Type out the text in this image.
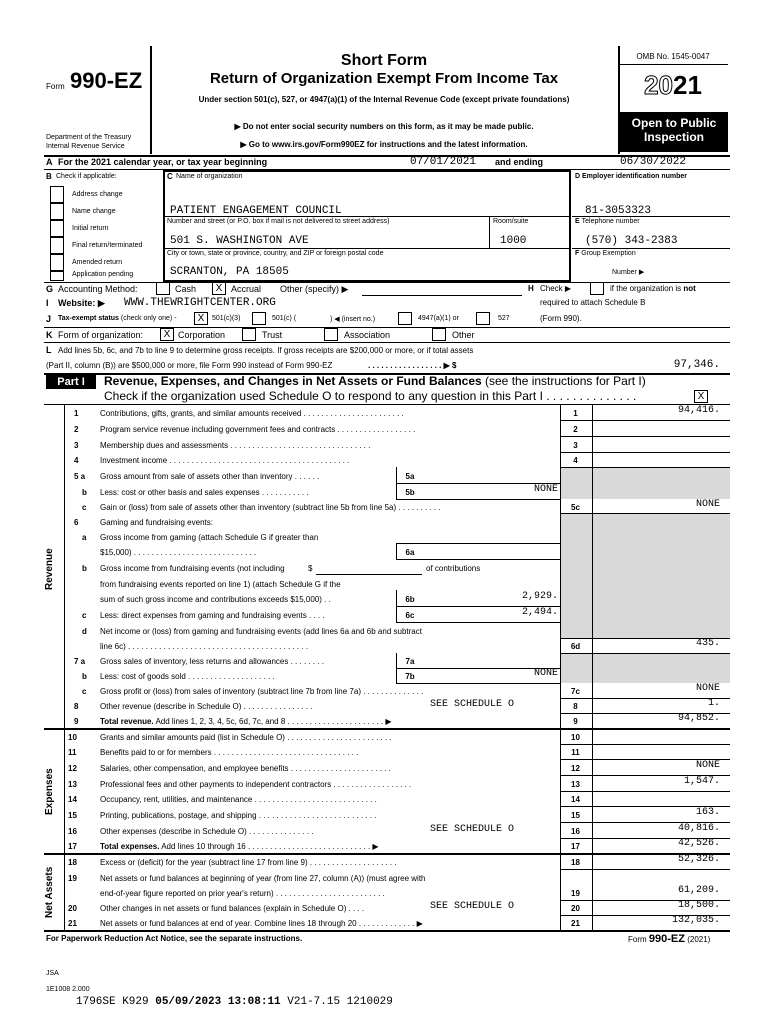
Form 990-EZ
Department of the Treasury
Internal Revenue Service
Short Form
Return of Organization Exempt From Income Tax
Under section 501(c), 527, or 4947(a)(1) of the Internal Revenue Code (except private foundations)
▶ Do not enter social security numbers on this form, as it may be made public.
▶ Go to www.irs.gov/Form990EZ for instructions and the latest information.
OMB No. 1545-0047
2021
Open to Public
Inspection
A For the 2021 calendar year, or tax year beginning	07/01/2021 and ending	06/30/2022
B Check if applicable:
Address change
Name change
Initial return
Final return/terminated
Amended return
Application pending
C Name of organization
PATIENT ENGAGEMENT COUNCIL
Number and street (or P.O. box if mail is not delivered to street address)	Room/suite
501 S. WASHINGTON AVE	1000
City or town, state or province, country, and ZIP or foreign postal code
SCRANTON, PA 18505
D Employer identification number
81-3053323
E Telephone number
(570) 343-2383
F Group Exemption
Number ▶
G Accounting Method:	Cash	X Accrual Other (specify) ▶	H Check ▶	if the organization is not
required to attach Schedule B
(Form 990).
I Website: ▶ WWW.THEWRIGHTCENTER.ORG
J Tax-exempt status (check only one) -	X	501(c)(3)	501(c) (	) ◀ (insert no.)	4947(a)(1) or	527
K Form of organization:	X Corporation	Trust	Association	Other
L Add lines 5b, 6c, and 7b to line 9 to determine gross receipts. If gross receipts are $200,000 or more, or if total assets
(Part II, column (B)) are $500,000 or more, file Form 990 instead of Form 990-EZ	. . . . . . . . . . . . . . . . . ▶ $	97,346.
Part I	Revenue, Expenses, and Changes in Net Assets or Fund Balances (see the instructions for Part I)
Check if the organization used Schedule O to respond to any question in this Part I . . . . . . . . . . . . . .	X
Revenue
Expenses
Net Assets
1	Contributions, gifts, grants, and similar amounts received . . . . . . . . . . . . . . . . . . . . . . .	1	94,416.
2	Program service revenue including government fees and contracts . . . . . . . . . . . . . . . . . .	2
3	Membership dues and assessments . . . . . . . . . . . . . . . . . . . . . . . . . . . . . . . .	3
4	Investment income . . . . . . . . . . . . . . . . . . . . . . . . . . . . . . . . . . . . . . . . .	4
5 a Gross amount from sale of assets other than inventory . . . . . .	5a
b Less: cost or other basis and sales expenses . . . . . . . . . . .	5b	NONE
c Gain or (loss) from sale of assets other than inventory (subtract line 5b from line 5a) . . . . . . . . . .	5c	NONE
6	Gaming and fundraising events:
a Gross income from gaming (attach Schedule G if greater than
$15,000) . . . . . . . . . . . . . . . . . . . . . . . . . . . .	6a
b Gross income from fundraising events (not including	$	of contributions
from fundraising events reported on line 1) (attach Schedule G if the
sum of such gross income and contributions exceeds $15,000) . .	6b	2,929.
c Less: direct expenses from gaming and fundraising events . . . .	6c	2,494.
d Net income or (loss) from gaming and fundraising events (add lines 6a and 6b and subtract
line 6c) . . . . . . . . . . . . . . . . . . . . . . . . . . . . . . . . . . . . . . . . .	6d	435.
7 a Gross sales of inventory, less returns and allowances . . . . . . . .	7a
b Less: cost of goods sold . . . . . . . . . . . . . . . . . . . .	7b	NONE
c Gross profit or (loss) from sales of inventory (subtract line 7b from line 7a) . . . . . . . . . . . . . .	7c	NONE
8	Other revenue (describe in Schedule O) . . . . . . . . . . . . . . . .	SEE SCHEDULE O	8	1.
9	Total revenue. Add lines 1, 2, 3, 4, 5c, 6d, 7c, and 8 . . . . . . . . . . . . . . . . . . . . . . ▶	9	94,852.
10	Grants and similar amounts paid (list in Schedule O) . . . . . . . . . . . . . . . . . . . . . . . .	10
11	Benefits paid to or for members . . . . . . . . . . . . . . . . . . . . . . . . . . . . . . . . .	11
12	Salaries, other compensation, and employee benefits . . . . . . . . . . . . . . . . . . . . . . .	12	NONE
13	Professional fees and other payments to independent contractors . . . . . . . . . . . . . . . . . .	13	1,547.
14	Occupancy, rent, utilities, and maintenance . . . . . . . . . . . . . . . . . . . . . . . . . . . .	14
15	Printing, publications, postage, and shipping . . . . . . . . . . . . . . . . . . . . . . . . . . .	15	163.
16	Other expenses (describe in Schedule O) . . . . . . . . . . . . . . .	SEE SCHEDULE O	16	40,816.
17	Total expenses. Add lines 10 through 16 . . . . . . . . . . . . . . . . . . . . . . . . . . . . ▶	17	42,526.
18	Excess or (deficit) for the year (subtract line 17 from line 9) . . . . . . . . . . . . . . . . . . . .	18	52,326.
19	Net assets or fund balances at beginning of year (from line 27, column (A)) (must agree with
end-of-year figure reported on prior year's return) . . . . . . . . . . . . . . . . . . . . . . . . .	19	61,209.
20	Other changes in net assets or fund balances (explain in Schedule O) . . . .	SEE SCHEDULE O	20	18,500.
21	Net assets or fund balances at end of year. Combine lines 18 through 20 . . . . . . . . . . . . . ▶	21	132,035.
For Paperwork Reduction Act Notice, see the separate instructions.	Form 990-EZ (2021)
JSA
1E1008 2.000
1796SE K929 05/09/2023 13:08:11 V21-7.15 1210029
